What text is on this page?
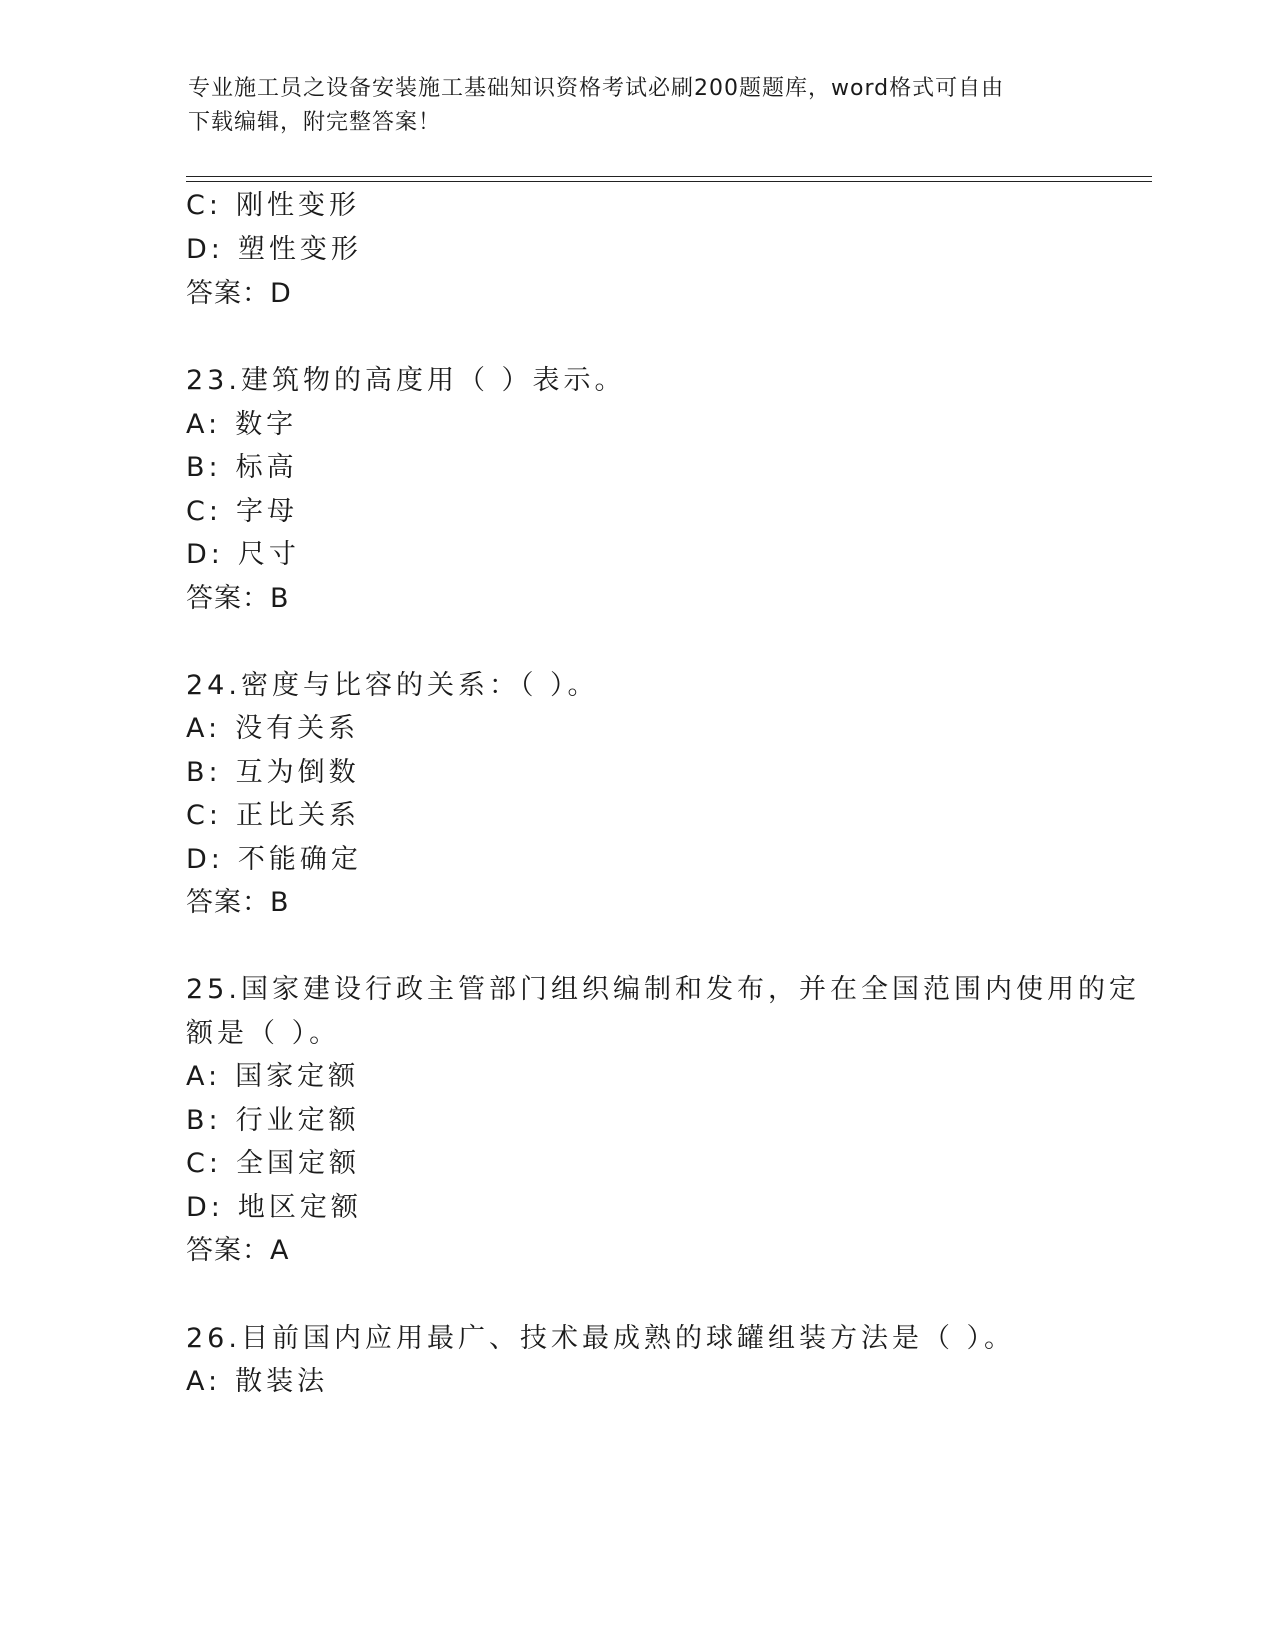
专业施工员之设备安装施工基础知识资格考试必刷200题题库，word格式可自由
下载编辑，附完整答案！
C: 刚性变形
D: 塑性变形
答案：D
23.建筑物的高度用（ ）表示。
A: 数字
B: 标高
C: 字母
D: 尺寸
答案：B
24.密度与比容的关系：（ ）。
A: 没有关系
B: 互为倒数
C: 正比关系
D: 不能确定
答案：B
25.国家建设行政主管部门组织编制和发布，并在全国范围内使用的定
额是（ ）。
A: 国家定额
B: 行业定额
C: 全国定额
D: 地区定额
答案：A
26.目前国内应用最广、技术最成熟的球罐组装方法是（ ）。
A: 散装法
